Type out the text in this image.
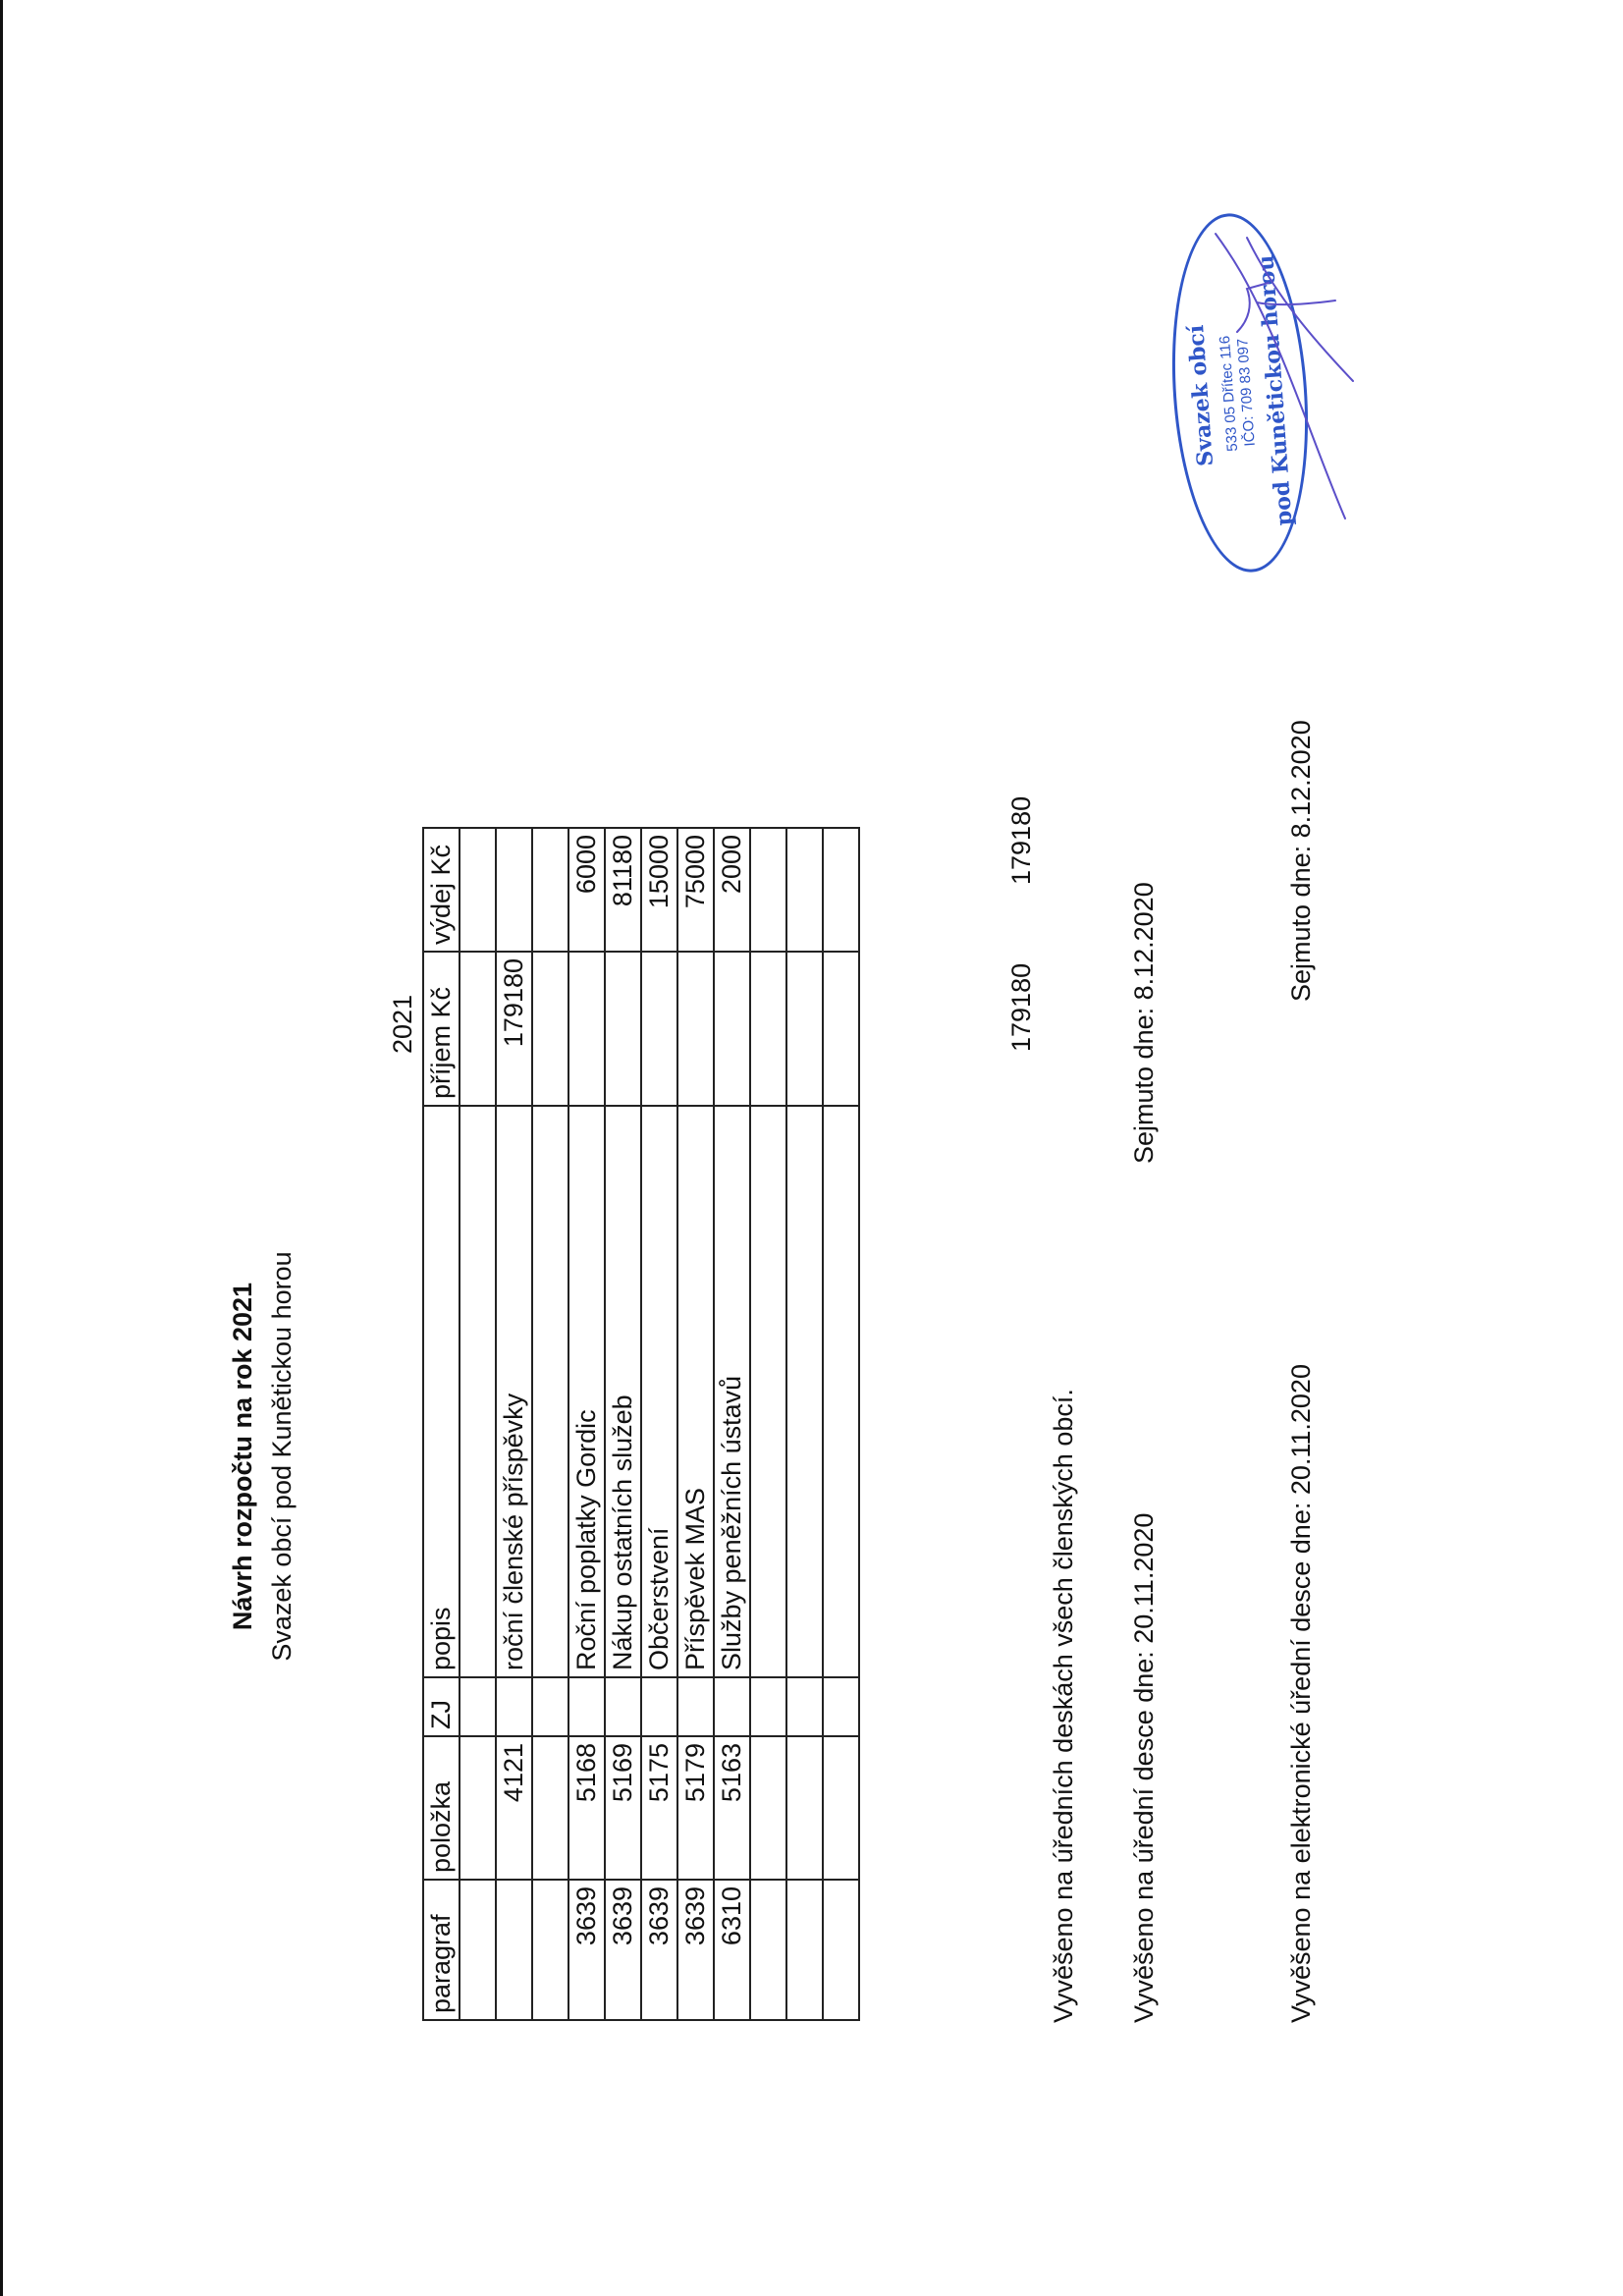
Návrh rozpočtu na rok 2021 Svazek obcí pod Kunětickou horou
2021
paragraf	položka	ZJ	popis	příjem Kč	výdej Kč

	4121		roční členské příspěvky	179180	

3639	5168		Roční poplatky Gordic		6000
3639	5169		Nákup ostatních služeb		81180
3639	5175		Občerstvení		15000
3639	5179		Příspěvek MAS		75000
6310	5163		Služby peněžních ústavů		2000

179180
179180
Vyvěšeno na úředních deskách všech členských obcí. Vyvěšeno na úřední desce dne: 20.11.2020
Sejmuto dne: 8.12.2020
Vyvěšeno na elektronické úřední desce dne: 20.11.2020
Sejmuto dne: 8.12.2020
Svazek obcí
533 05 Dřítec 116
IČO: 709 83 097
pod Kunětickou horou
